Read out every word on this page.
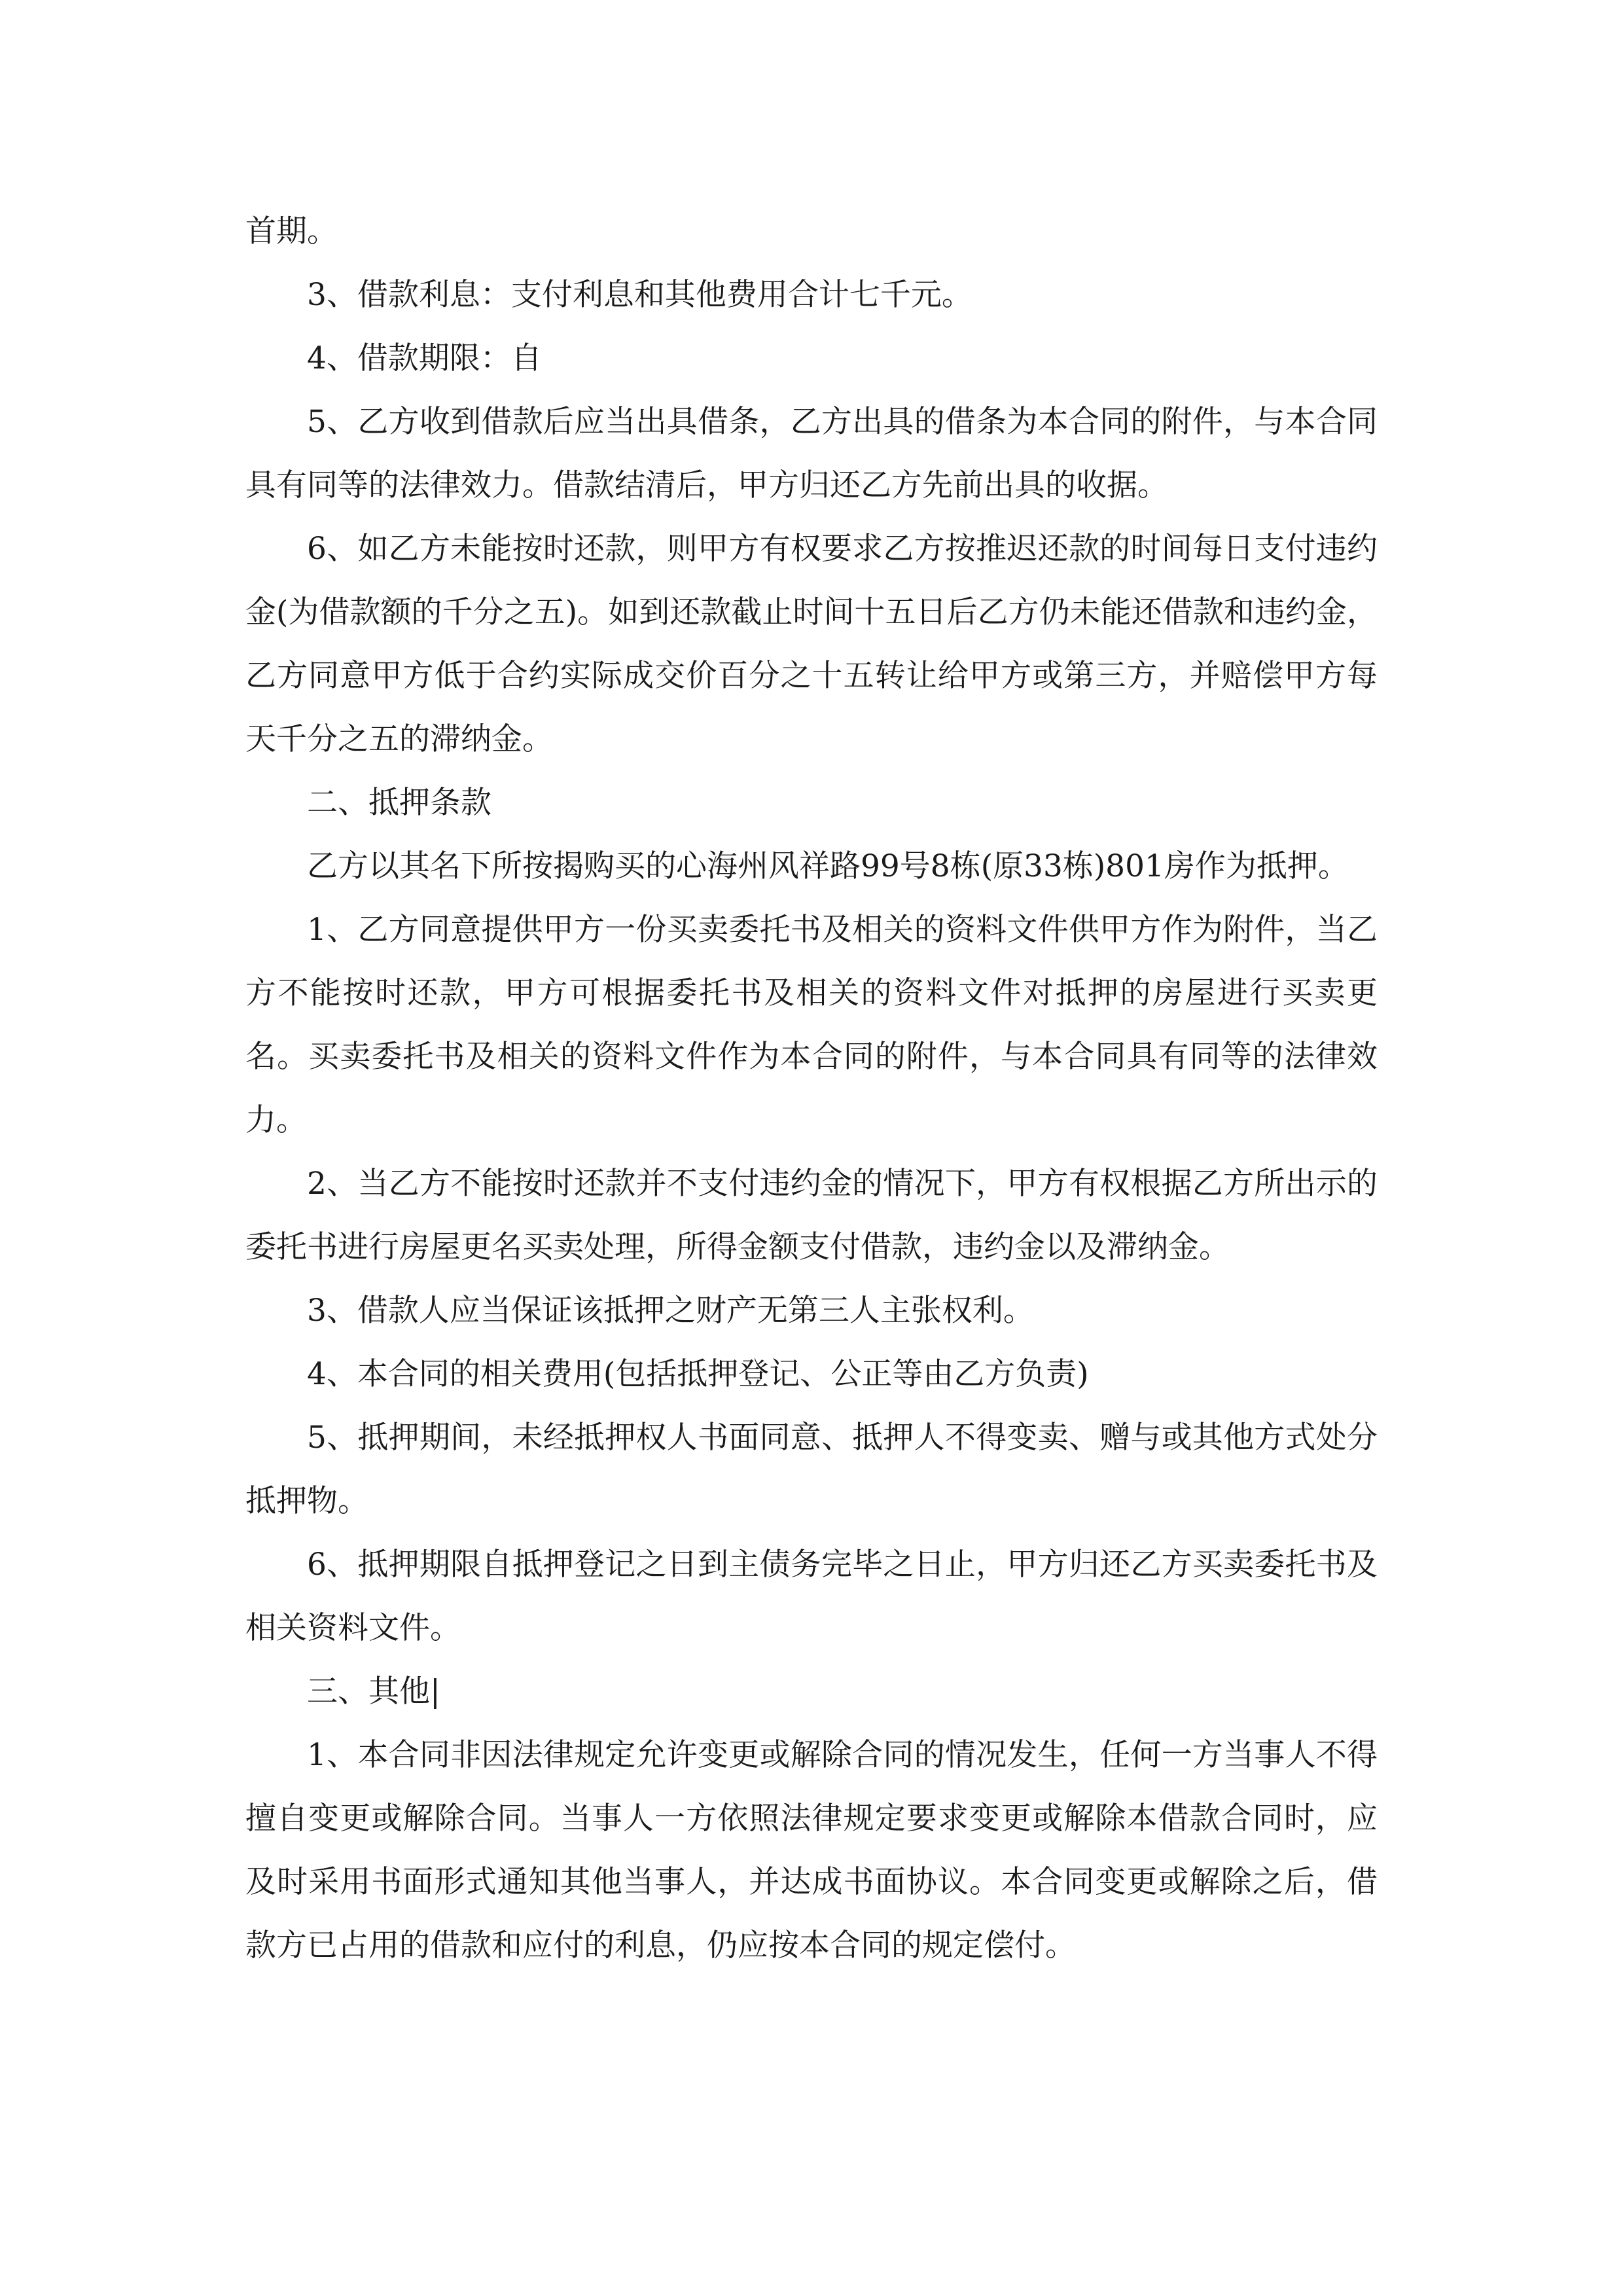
首期。

3、借款利息：支付利息和其他费用合计七千元。

4、借款期限：自

5、乙方收到借款后应当出具借条，乙方出具的借条为本合同的附件，与本合同具有同等的法律效力。借款结清后，甲方归还乙方先前出具的收据。

6、如乙方未能按时还款，则甲方有权要求乙方按推迟还款的时间每日支付违约金(为借款额的千分之五)。如到还款截止时间十五日后乙方仍未能还借款和违约金，乙方同意甲方低于合约实际成交价百分之十五转让给甲方或第三方，并赔偿甲方每天千分之五的滞纳金。

二、抵押条款

乙方以其名下所按揭购买的心海州风祥路99号8栋(原33栋)801房作为抵押。

1、乙方同意提供甲方一份买卖委托书及相关的资料文件供甲方作为附件，当乙方不能按时还款，甲方可根据委托书及相关的资料文件对抵押的房屋进行买卖更名。买卖委托书及相关的资料文件作为本合同的附件，与本合同具有同等的法律效力。

2、当乙方不能按时还款并不支付违约金的情况下，甲方有权根据乙方所出示的委托书进行房屋更名买卖处理，所得金额支付借款，违约金以及滞纳金。

3、借款人应当保证该抵押之财产无第三人主张权利。

4、本合同的相关费用(包括抵押登记、公正等由乙方负责)

5、抵押期间，未经抵押权人书面同意、抵押人不得变卖、赠与或其他方式处分抵押物。

6、抵押期限自抵押登记之日到主债务完毕之日止，甲方归还乙方买卖委托书及相关资料文件。

三、其他|

1、本合同非因法律规定允许变更或解除合同的情况发生，任何一方当事人不得擅自变更或解除合同。当事人一方依照法律规定要求变更或解除本借款合同时，应及时采用书面形式通知其他当事人，并达成书面协议。本合同变更或解除之后，借款方已占用的借款和应付的利息，仍应按本合同的规定偿付。
